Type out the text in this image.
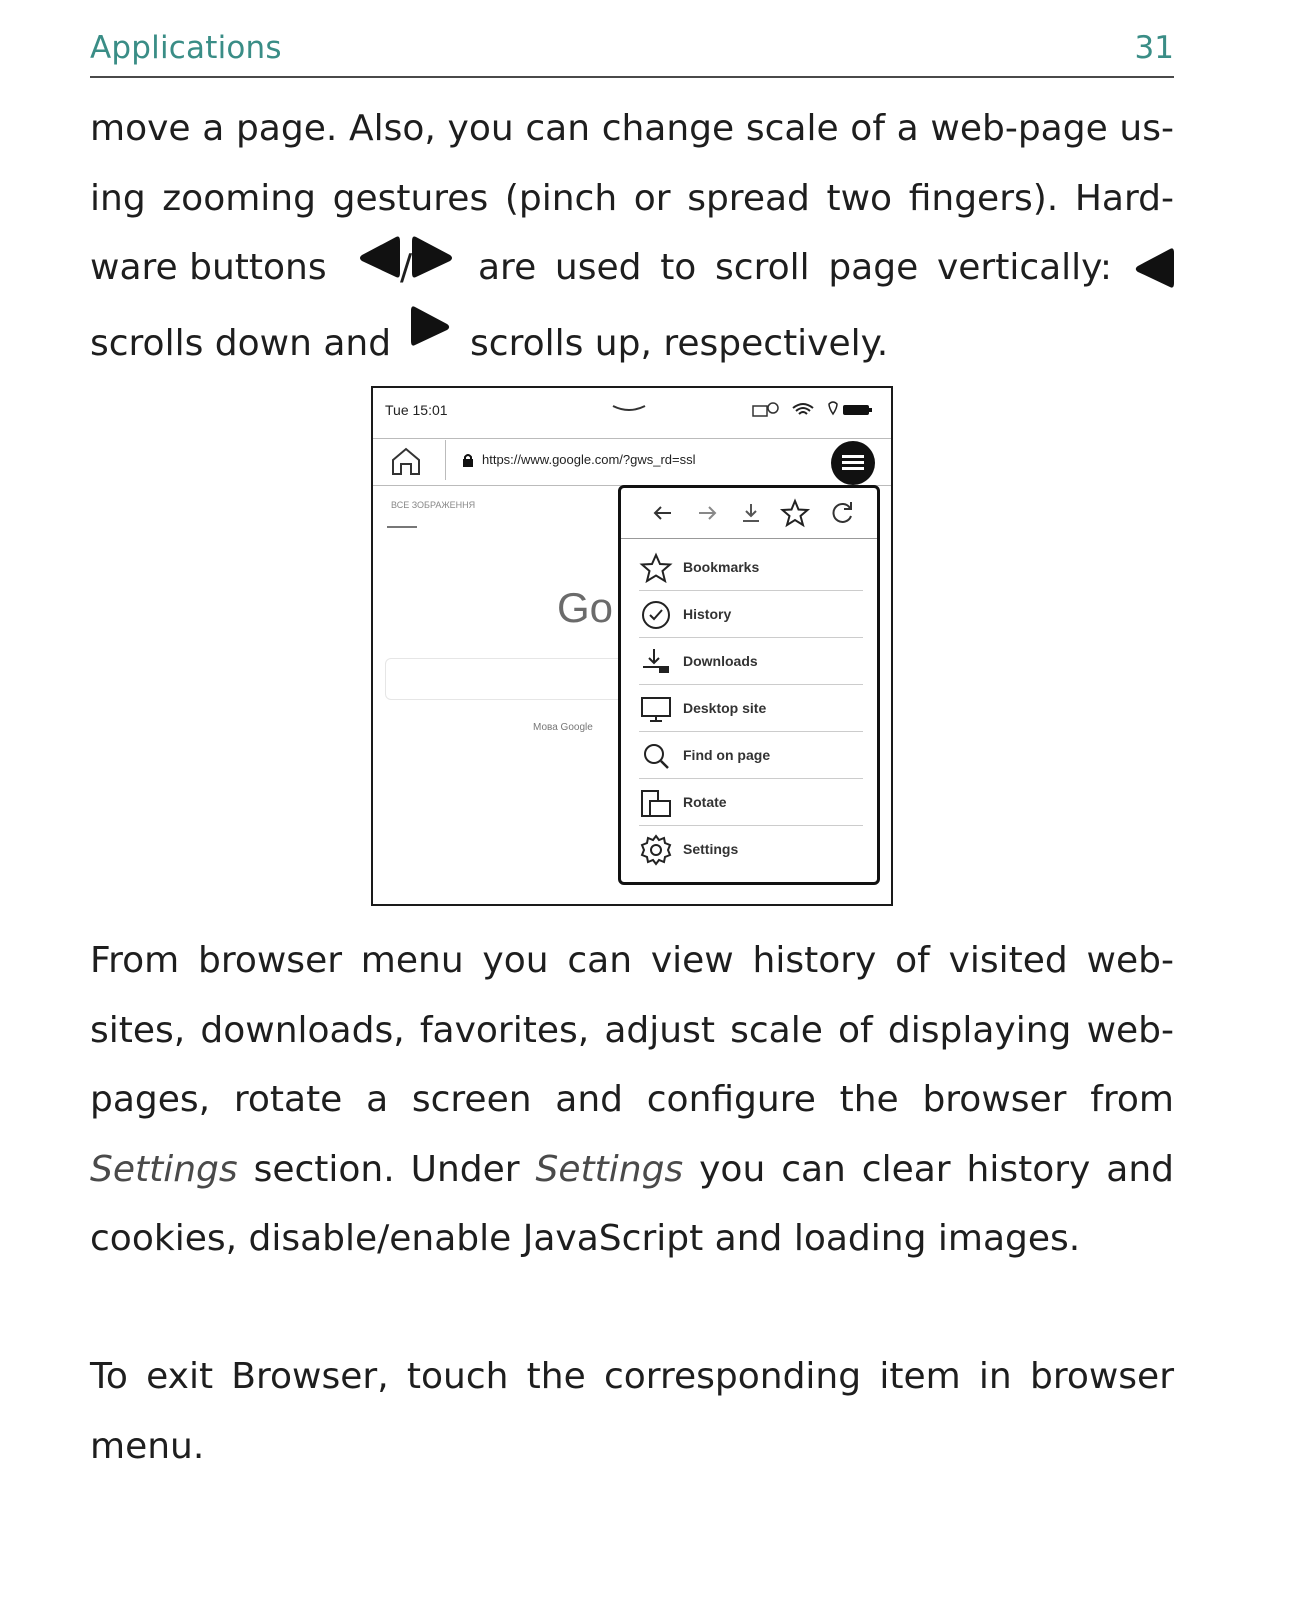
Applications	31
move a page. Also, you can change scale of a web-page us-
ing zooming gestures (pinch or spread two fingers). Hard-
ware buttons	/	are used to scroll page vertically:
scrolls down and scrolls up, respectively.
Tue 15:01
https://www.google.com/?gws_rd=ssl
ВСЕ ЗОБРАЖЕННЯ
Go
Мова Google
Bookmarks
History
Downloads
Desktop site
Find on page
Rotate
Settings
From browser menu you can view history of visited web-
sites, downloads, favorites, adjust scale of displaying web-
pages, rotate a screen and configure the browser from
Settings section. Under Settings you can clear history and
cookies, disable/enable JavaScript and loading images.
To exit Browser, touch the corresponding item in browser
menu.
